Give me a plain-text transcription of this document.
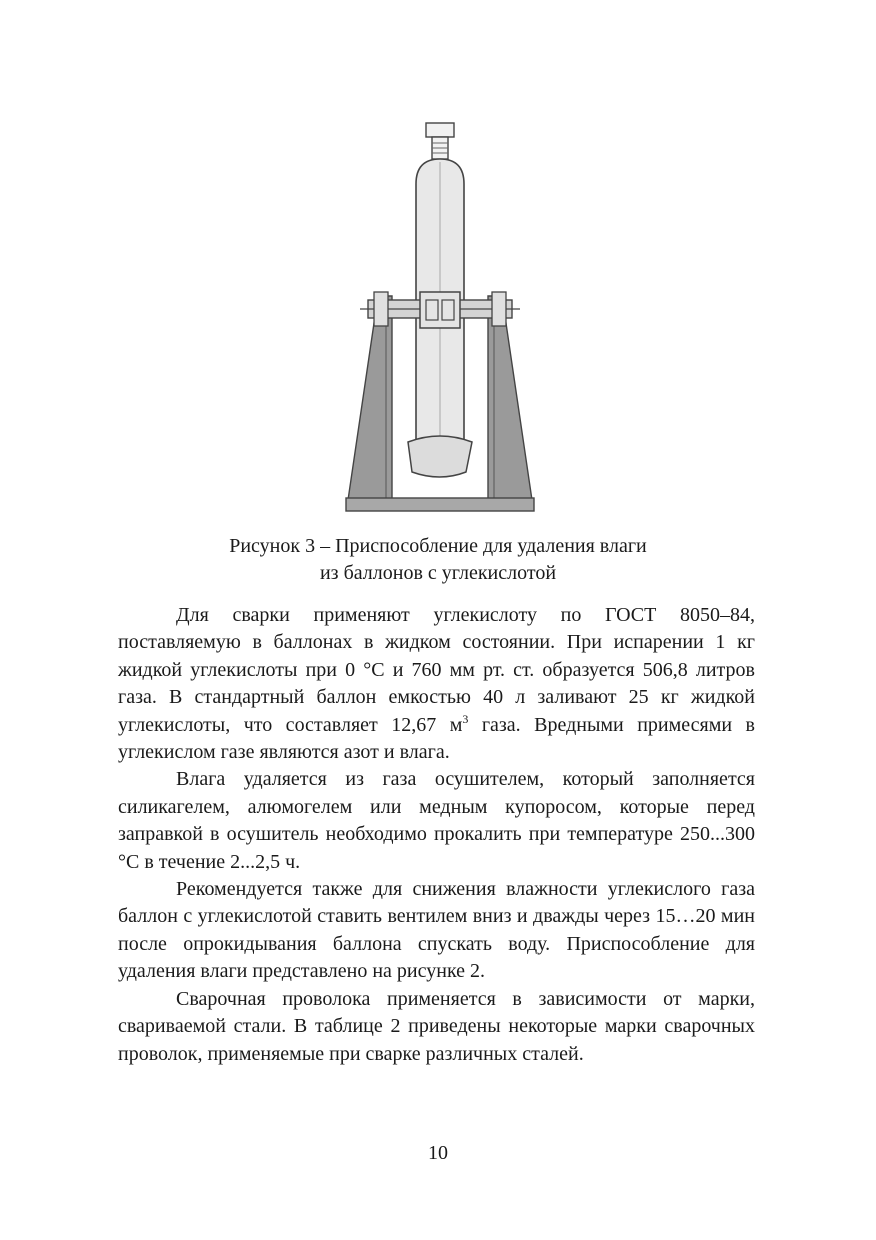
Рисунок 3 – Приспособление для удаления влаги
из баллонов с углекислотой

Для сварки применяют углекислоту по ГОСТ 8050–84, поставляемую в баллонах в жидком состоянии. При испарении 1 кг жидкой углекислоты при 0 °С и 760 мм рт. ст. образуется 506,8 литров газа. В стандартный баллон емкостью 40 л заливают 25 кг жидкой углекислоты, что составляет 12,67 $м^3$ газа. Вредными примесями в углекислом газе являются азот и влага.

Влага удаляется из газа осушителем, который заполняется силикагелем, алюмогелем или медным купоросом, которые перед заправкой в осушитель необходимо прокалить при температуре 250...300 °С в течение 2...2,5 ч.

Рекомендуется также для снижения влажности углекислого газа баллон с углекислотой ставить вентилем вниз и дважды через 15…20 мин после опрокидывания баллона спускать воду. Приспособление для удаления влаги представлено на рисунке 2.

Сварочная проволока применяется в зависимости от марки, свариваемой стали. В таблице 2 приведены некоторые марки сварочных проволок, применяемые при сварке различных сталей.

10
